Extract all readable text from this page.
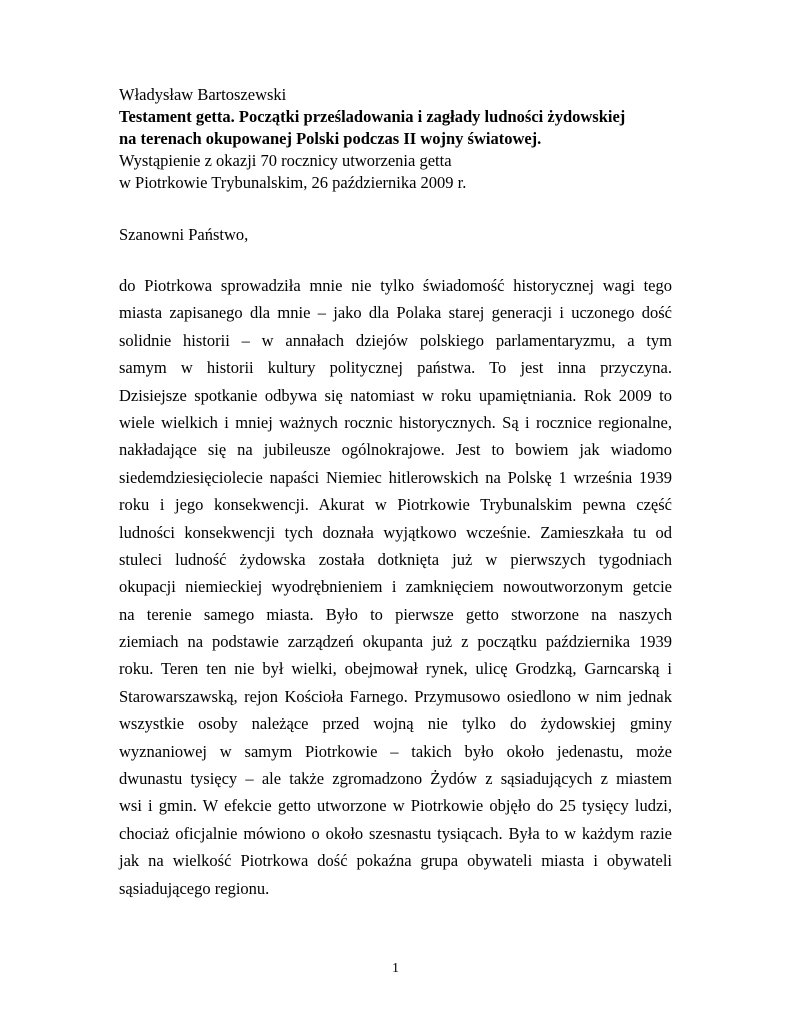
Władysław Bartoszewski
Testament getta. Początki prześladowania i zagłady ludności żydowskiej
na terenach okupowanej Polski podczas II wojny światowej.
Wystąpienie z okazji 70 rocznicy utworzenia getta
w Piotrkowie Trybunalskim, 26 października 2009 r.
Szanowni Państwo,
do Piotrkowa sprowadziła mnie nie tylko świadomość historycznej wagi tego
miasta zapisanego dla mnie – jako dla Polaka starej generacji i uczonego dość
solidnie historii – w annałach dziejów polskiego parlamentaryzmu, a tym
samym w historii kultury politycznej państwa. To jest inna przyczyna.
Dzisiejsze spotkanie odbywa się natomiast w roku upamiętniania. Rok 2009 to
wiele wielkich i mniej ważnych rocznic historycznych. Są i rocznice regionalne,
nakładające się na jubileusze ogólnokrajowe. Jest to bowiem jak wiadomo
siedemdziesięciolecie napaści Niemiec hitlerowskich na Polskę 1 września 1939
roku i jego konsekwencji. Akurat w Piotrkowie Trybunalskim pewna część
ludności konsekwencji tych doznała wyjątkowo wcześnie. Zamieszkała tu od
stuleci ludność żydowska została dotknięta już w pierwszych tygodniach
okupacji niemieckiej wyodrębnieniem i zamknięciem nowoutworzonym getcie
na terenie samego miasta. Było to pierwsze getto stworzone na naszych
ziemiach na podstawie zarządzeń okupanta już z początku października 1939
roku. Teren ten nie był wielki, obejmował rynek, ulicę Grodzką, Garncarską i
Starowarszawską, rejon Kościoła Farnego. Przymusowo osiedlono w nim jednak
wszystkie osoby należące przed wojną nie tylko do żydowskiej gminy
wyznaniowej w samym Piotrkowie – takich było około jedenastu, może
dwunastu tysięcy – ale także zgromadzono Żydów z sąsiadujących z miastem
wsi i gmin. W efekcie getto utworzone w Piotrkowie objęło do 25 tysięcy ludzi,
chociaż oficjalnie mówiono o około szesnastu tysiącach. Była to w każdym razie
jak na wielkość Piotrkowa dość pokaźna grupa obywateli miasta i obywateli
sąsiadującego regionu.
1
